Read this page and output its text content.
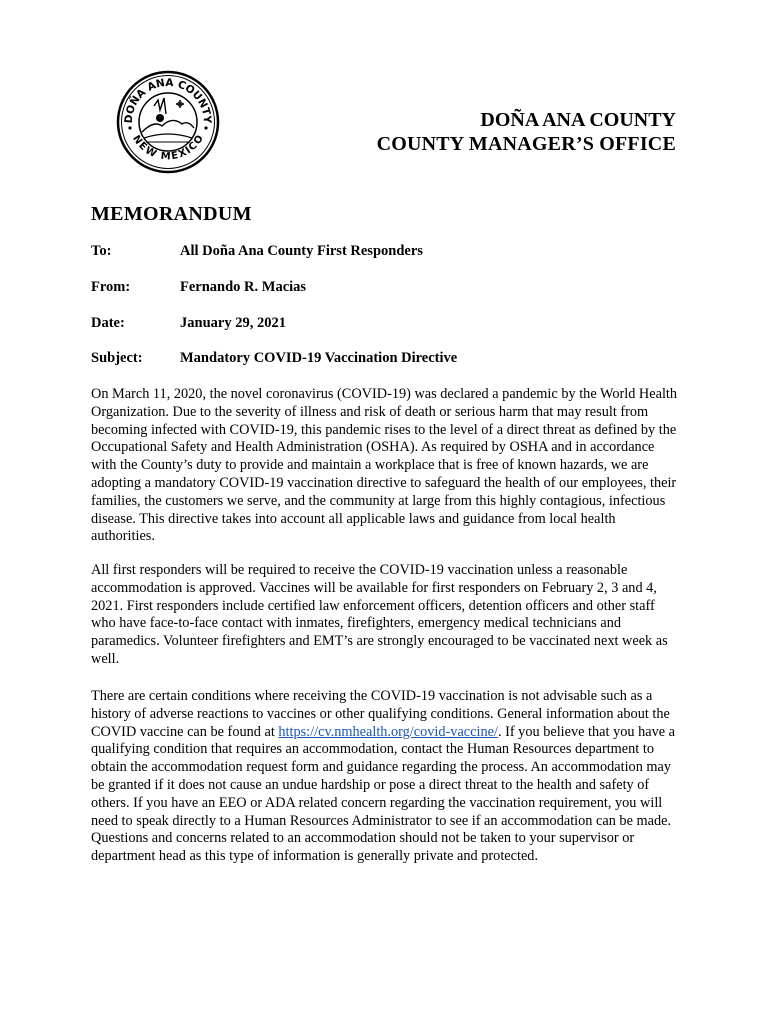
DOÑA ANA COUNTY
NEW MEXICO
DOÑA ANA COUNTY
COUNTY MANAGER’S OFFICE
MEMORANDUM
To:	All Doña Ana County First Responders
From:	Fernando R. Macias
Date:	January 29, 2021
Subject:	Mandatory COVID-19 Vaccination Directive

On March 11, 2020, the novel coronavirus (COVID-19) was declared a pandemic by the World Health Organization. Due to the severity of illness and risk of death or serious harm that may result from becoming infected with COVID-19, this pandemic rises to the level of a direct threat as defined by the Occupational Safety and Health Administration (OSHA). As required by OSHA and in accordance with the County’s duty to provide and maintain a workplace that is free of known hazards, we are adopting a mandatory COVID-19 vaccination directive to safeguard the health of our employees, their families, the customers we serve, and the community at large from this highly contagious, infectious disease. This directive takes into account all applicable laws and guidance from local health authorities.

All first responders will be required to receive the COVID-19 vaccination unless a reasonable accommodation is approved. Vaccines will be available for first responders on February 2, 3 and 4, 2021. First responders include certified law enforcement officers, detention officers and other staff who have face-to-face contact with inmates, firefighters, emergency medical technicians and paramedics. Volunteer firefighters and EMT’s are strongly encouraged to be vaccinated next week as well.

There are certain conditions where receiving the COVID-19 vaccination is not advisable such as a history of adverse reactions to vaccines or other qualifying conditions. General information about the COVID vaccine can be found at https://cv.nmhealth.org/covid-vaccine/. If you believe that you have a qualifying condition that requires an accommodation, contact the Human Resources department to obtain the accommodation request form and guidance regarding the process. An accommodation may be granted if it does not cause an undue hardship or pose a direct threat to the health and safety of others. If you have an EEO or ADA related concern regarding the vaccination requirement, you will need to speak directly to a Human Resources Administrator to see if an accommodation can be made. Questions and concerns related to an accommodation should not be taken to your supervisor or department head as this type of information is generally private and protected.
